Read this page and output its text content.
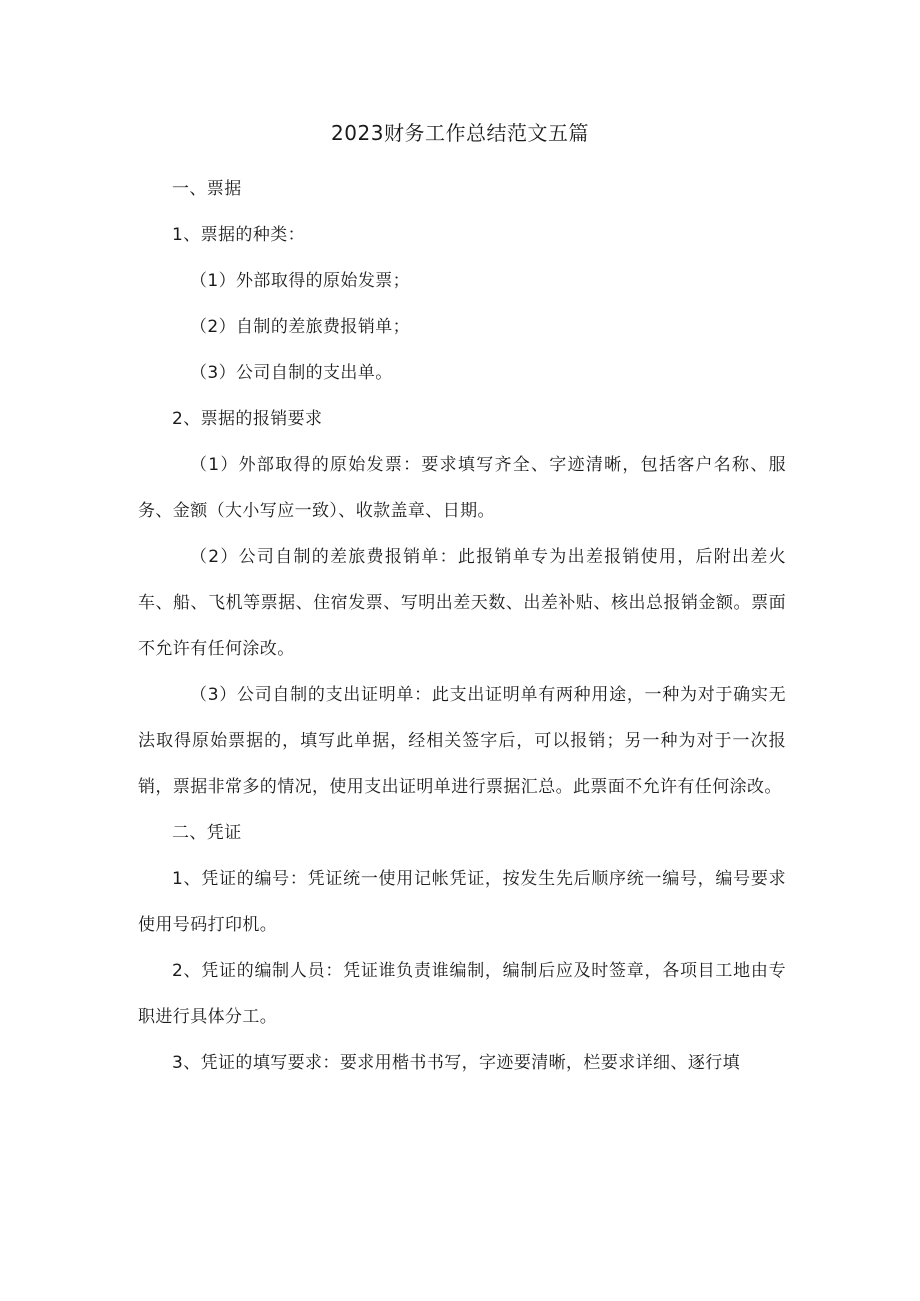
2023财务工作总结范文五篇

一、票据

1、票据的种类：

（1）外部取得的原始发票；

（2）自制的差旅费报销单；

（3）公司自制的支出单。

2、票据的报销要求

（1）外部取得的原始发票：要求填写齐全、字迹清晰，包括客户名称、服务、金额（大小写应一致）、收款盖章、日期。

（2）公司自制的差旅费报销单：此报销单专为出差报销使用，后附出差火车、船、飞机等票据、住宿发票、写明出差天数、出差补贴、核出总报销金额。票面不允许有任何涂改。

（3）公司自制的支出证明单：此支出证明单有两种用途，一种为对于确实无法取得原始票据的，填写此单据，经相关签字后，可以报销；另一种为对于一次报销，票据非常多的情况，使用支出证明单进行票据汇总。此票面不允许有任何涂改。

二、凭证

1、凭证的编号：凭证统一使用记帐凭证，按发生先后顺序统一编号，编号要求使用号码打印机。

2、凭证的编制人员：凭证谁负责谁编制，编制后应及时签章，各项目工地由专职进行具体分工。

3、凭证的填写要求：要求用楷书书写，字迹要清晰，栏要求详细、逐行填
